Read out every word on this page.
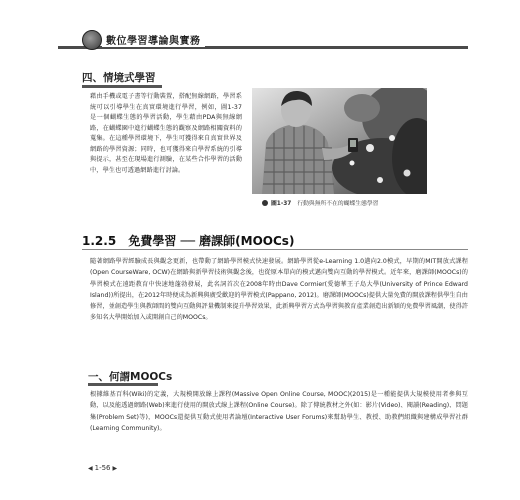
數位學習導論與實務
四、情境式學習

藉由手機或電子書等行動裝置，搭配無線網路，學習系統可以引導學生在真實環境進行學習，例如，圖1-37是一個蝴蝶生態的學習活動，學生藉由PDA與無線網路，在蝴蝶園中進行蝴蝶生態的觀察及網路相關資料的蒐集。在這種學習環境下，學生可獲得來自真實世界及網路的學習資源；同時，也可獲得來自學習系統的引導與提示，甚至在現場進行測驗，在某些合作學習的活動中，學生也可透過網路進行討論。

圖1-37 行動與無所不在的蝴蝶生態學習
1.2.5 免費學習 ── 磨課師(MOOCs)

隨著網路學習經驗成長與觀念更新，也帶動了網路學習模式快速發展。網路學習從e-Learning 1.0邁向2.0模式，早期的MIT開放式課程(Open CourseWare, OCW)在網路與新學習技術與觀念後，也從原本單向的模式邁向雙向互動的學習模式。近年來，磨課師(MOOCs)的學習模式在遠距教育中快速地蓬勃發展，此名詞首次在2008年時由Dave Cormier(愛德華王子島大學(University of Prince Edward Island))所提出，在2012年時便成為新興與廣受歡迎的學習模式(Pappano, 2012)。磨課師(MOOCs)提供大量免費的開放課程供學生自由修習，並創造學生與教師間的雙向互動與評量機制來提升學習效果，此新興學習方式為學習與教育產業創造出新穎的免費學習風潮，使得許多知名大學開始加入或開創自己的MOOCs。

一、何謂MOOCs

根據維基百科(Wiki)的定義，大規模開放線上課程(Massive Open Online Course, MOOC)(2015)是一種能提供大規模使用者參與互動，以及能透過網路(Web)來進行使用的開放式線上課程(Online Course)。除了傳統教材之外(如：影片(Video)、閱讀(Reading)、問題集(Problem Set)等)，MOOCs還提供互動式使用者論壇(Interactive User Forums)來幫助學生、教授、助教們組織與建構成學習社群(Learning Community)。

◀ 1-56 ▶
